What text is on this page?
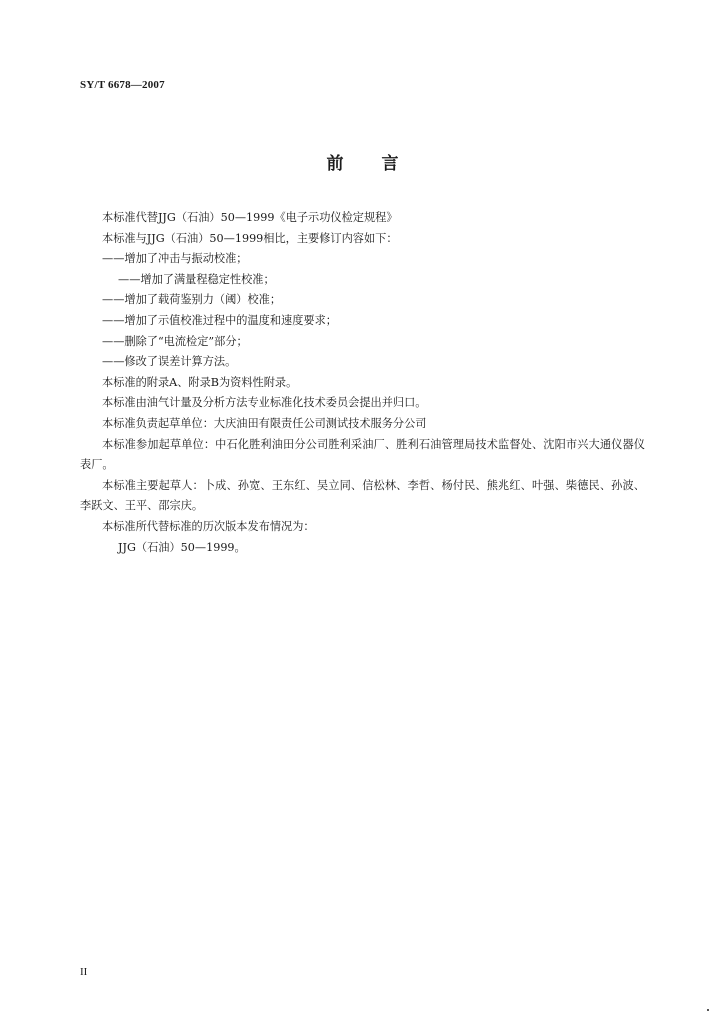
SY/T 6678—2007
前 言

本标准代替JJG（石油）50—1999《电子示功仪检定规程》

本标准与JJG（石油）50—1999相比，主要修订内容如下：

——增加了冲击与振动校准；

——增加了满量程稳定性校准；

——增加了载荷鉴别力（阈）校准；

——增加了示值校准过程中的温度和速度要求；

——删除了“电流检定”部分；

——修改了误差计算方法。

本标准的附录A、附录B为资料性附录。

本标准由油气计量及分析方法专业标准化技术委员会提出并归口。

本标准负责起草单位：大庆油田有限责任公司测试技术服务分公司

本标准参加起草单位：中石化胜利油田分公司胜利采油厂、胜利石油管理局技术监督处、沈阳市兴大通仪器仪表厂。

本标准主要起草人：卜成、孙宽、王东红、吴立同、信松林、李哲、杨付民、熊兆红、叶强、柴德民、孙波、李跃文、王平、邵宗庆。

本标准所代替标准的历次版本发布情况为：

JJG（石油）50—1999。

II
